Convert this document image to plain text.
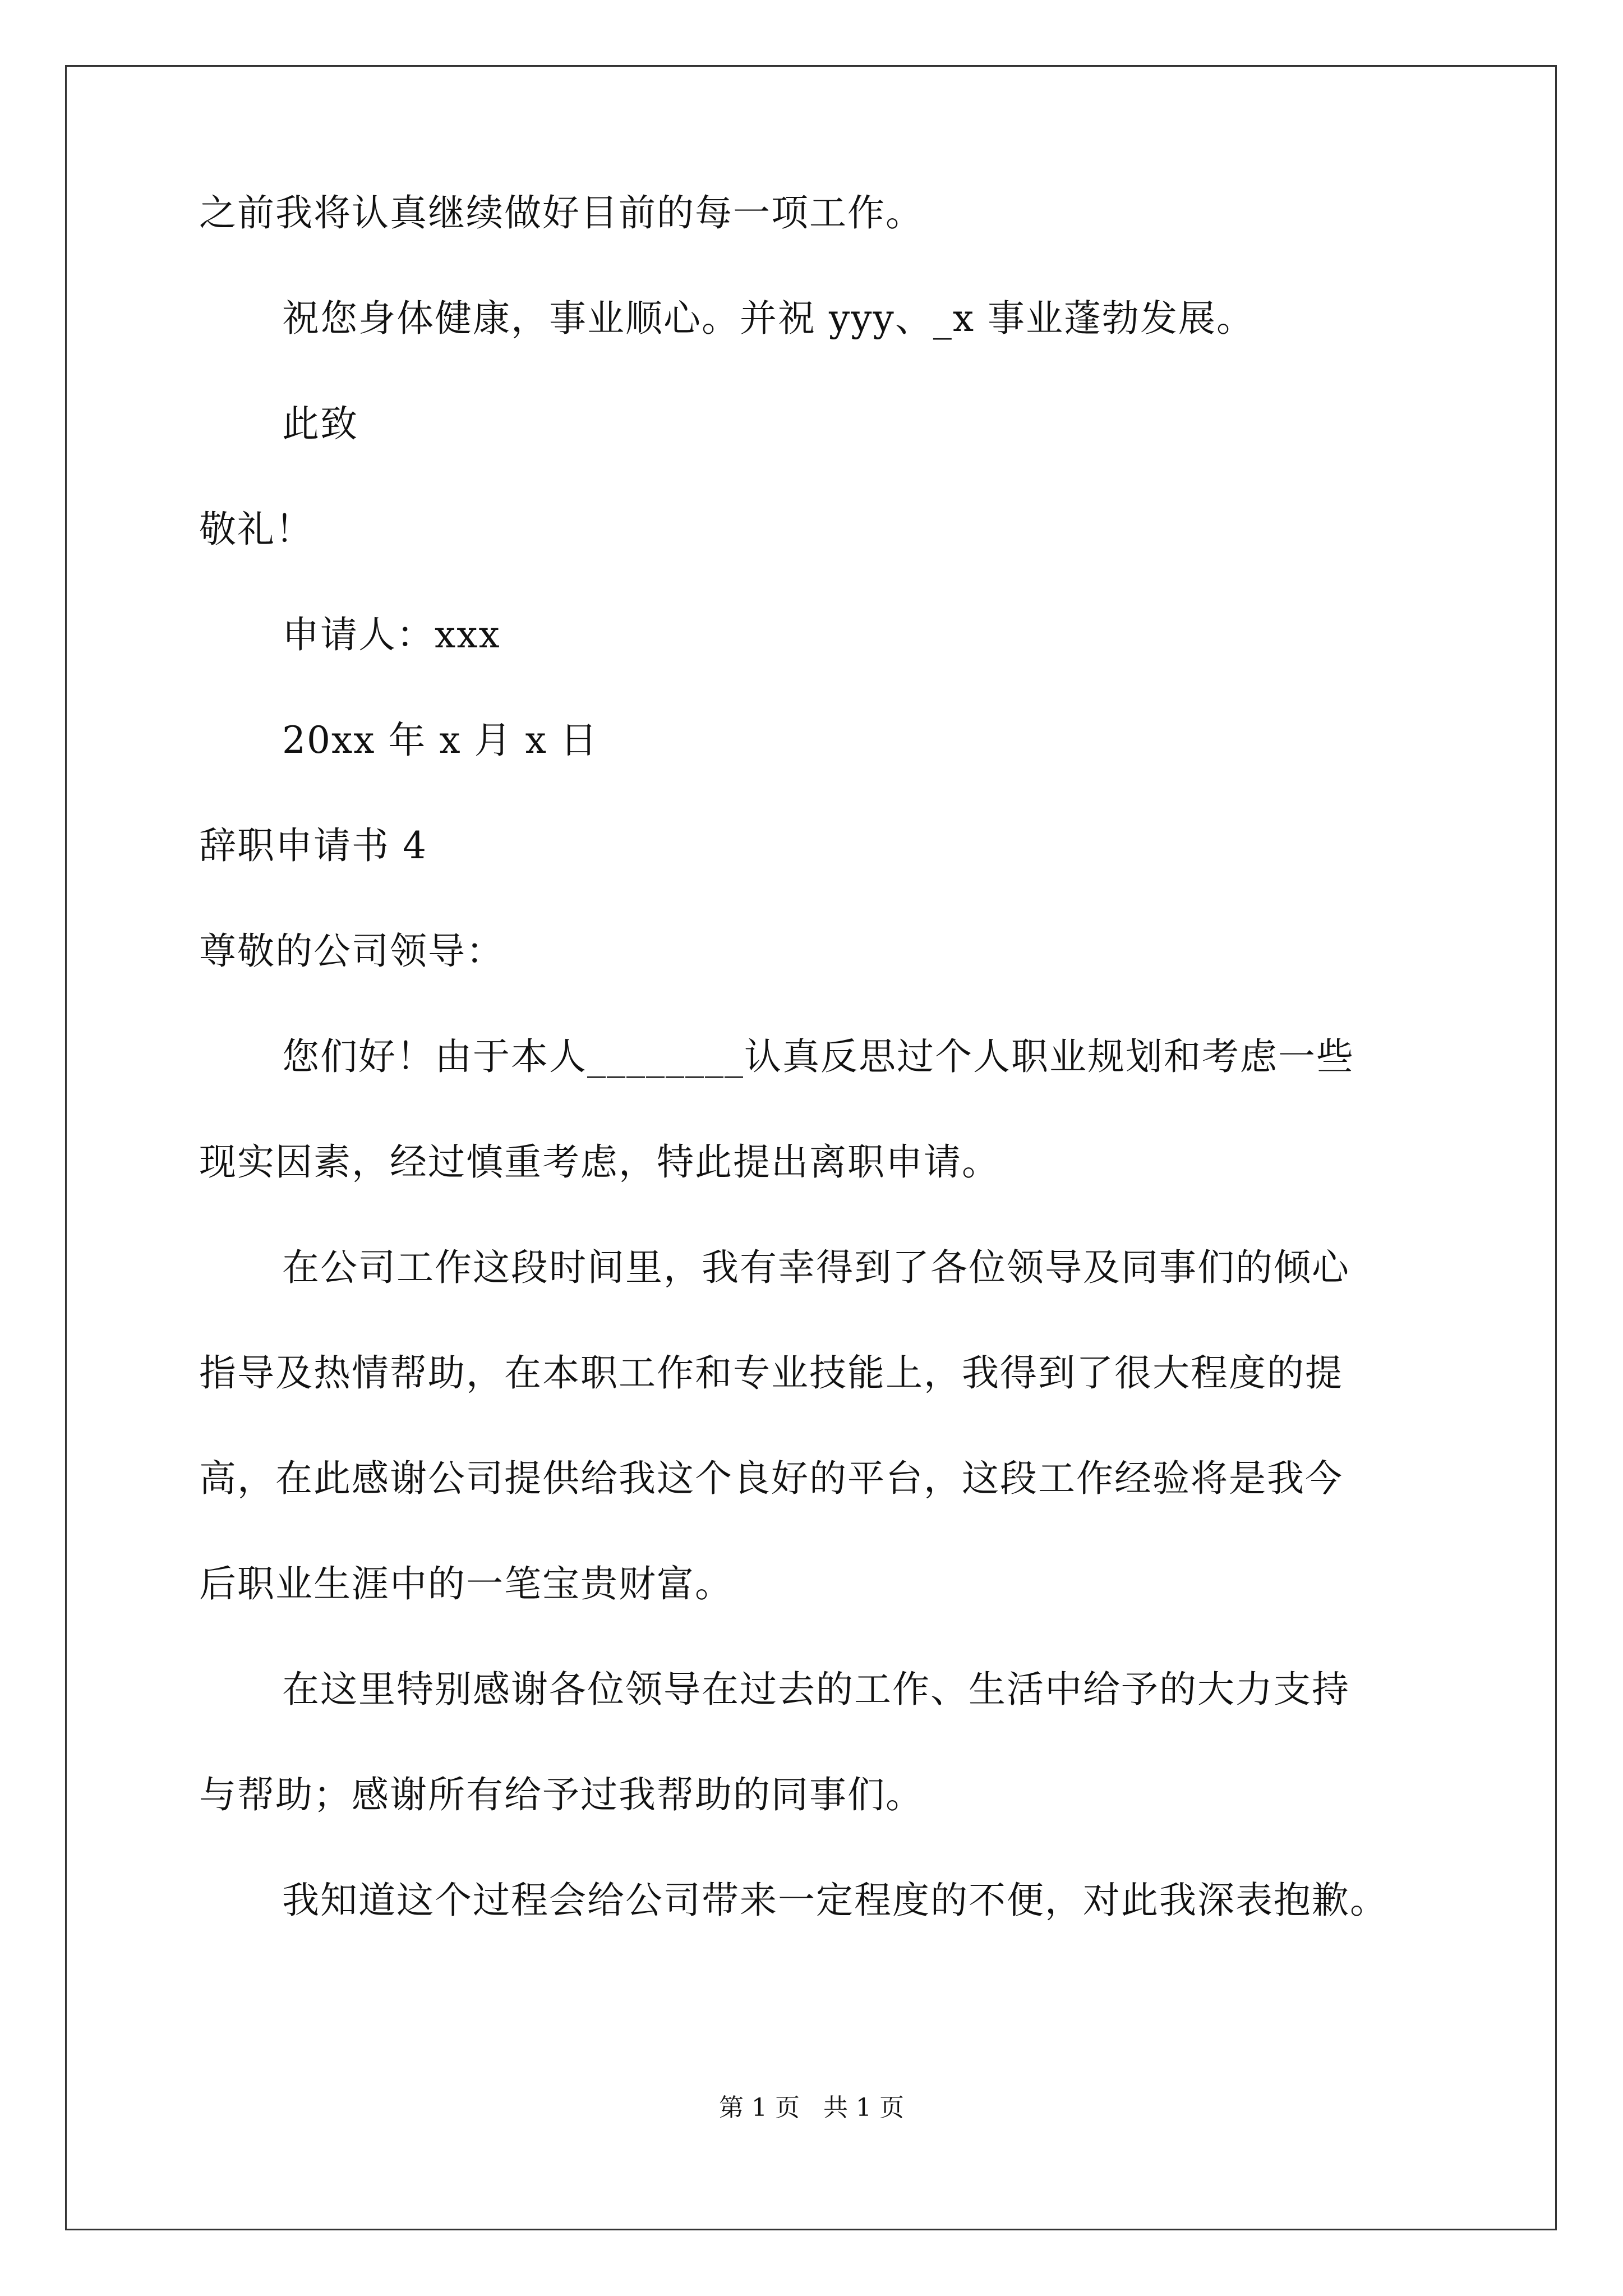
之前我将认真继续做好目前的每一项工作。
祝您身体健康，事业顺心。并祝 yyy、_x 事业蓬勃发展。
此致
敬礼！
申请人：xxx
20xx 年 x 月 x 日
辞职申请书 4
尊敬的公司领导：
您们好！由于本人________认真反思过个人职业规划和考虑一些
现实因素，经过慎重考虑，特此提出离职申请。
在公司工作这段时间里，我有幸得到了各位领导及同事们的倾心
指导及热情帮助，在本职工作和专业技能上，我得到了很大程度的提
高，在此感谢公司提供给我这个良好的平台，这段工作经验将是我今
后职业生涯中的一笔宝贵财富。
在这里特别感谢各位领导在过去的工作、生活中给予的大力支持
与帮助；感谢所有给予过我帮助的同事们。
我知道这个过程会给公司带来一定程度的不便，对此我深表抱歉。
第 1 页   共 1 页
